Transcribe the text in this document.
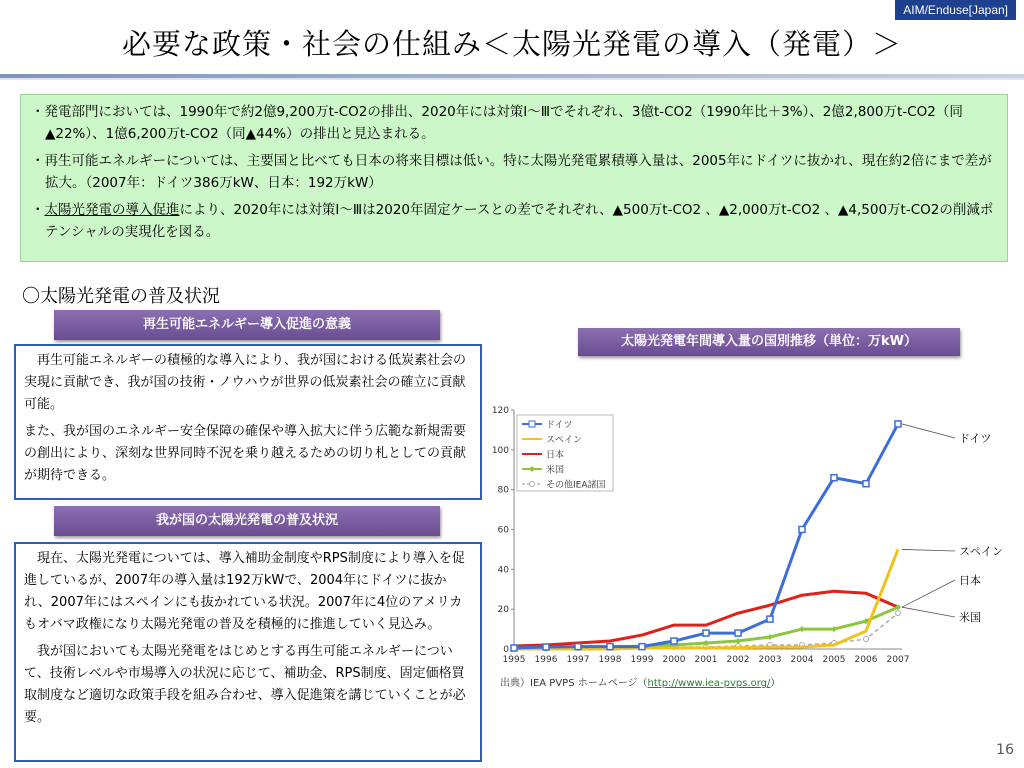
AIM/Enduse[Japan]
必要な政策・社会の仕組み＜太陽光発電の導入（発電）＞

・発電部門においては、1990年で約2億9,200万t-CO2の排出、2020年には対策Ⅰ～Ⅲでそれぞれ、3億t-CO2（1990年比＋3%）、2億2,800万t-CO2（同▲22%）、1億6,200万t-CO2（同▲44%）の排出と見込まれる。

・再生可能エネルギーについては、主要国と比べても日本の将来目標は低い。特に太陽光発電累積導入量は、2005年にドイツに抜かれ、現在約2倍にまで差が拡大。（2007年：ドイツ386万kW、日本：192万kW）

・太陽光発電の導入促進により、2020年には対策Ⅰ～Ⅲは2020年固定ケースとの差でそれぞれ、▲500万t-CO2 、▲2,000万t-CO2 、▲4,500万t-CO2の削減ポテンシャルの実現化を図る。

〇太陽光発電の普及状況
再生可能エネルギー導入促進の意義

　再生可能エネルギーの積極的な導入により、我が国における低炭素社会の実現に貢献でき、我が国の技術・ノウハウが世界の低炭素社会の確立に貢献可能。

また、我が国のエネルギー安全保障の確保や導入拡大に伴う広範な新規需要の創出により、深刻な世界同時不況を乗り越えるための切り札としての貢献が期待できる。

我が国の太陽光発電の普及状況

　現在、太陽光発電については、導入補助金制度やRPS制度により導入を促進しているが、2007年の導入量は192万kWで、2004年にドイツに抜かれ、2007年にはスペインにも抜かれている状況。2007年に4位のアメリカもオバマ政権になり太陽光発電の普及を積極的に推進していく見込み。

　我が国においても太陽光発電をはじめとする再生可能エネルギーについて、技術レベルや市場導入の状況に応じて、補助金、RPS制度、固定価格買取制度など適切な政策手段を組み合わせ、導入促進策を講じていくことが必要。

太陽光発電年間導入量の国別推移（単位：万kW）
0
20
40
60
80
100
120
1995 1996 1997 1998 1999 2000 2001 2002 2003 2004 2005 2006 2007
ドイツ
スペイン
日本
米国
その他IEA諸国
ドイツ
スペイン
日本
米国
出典）IEA PVPS ホームページ（http://www.iea-pvps.org/）
16
